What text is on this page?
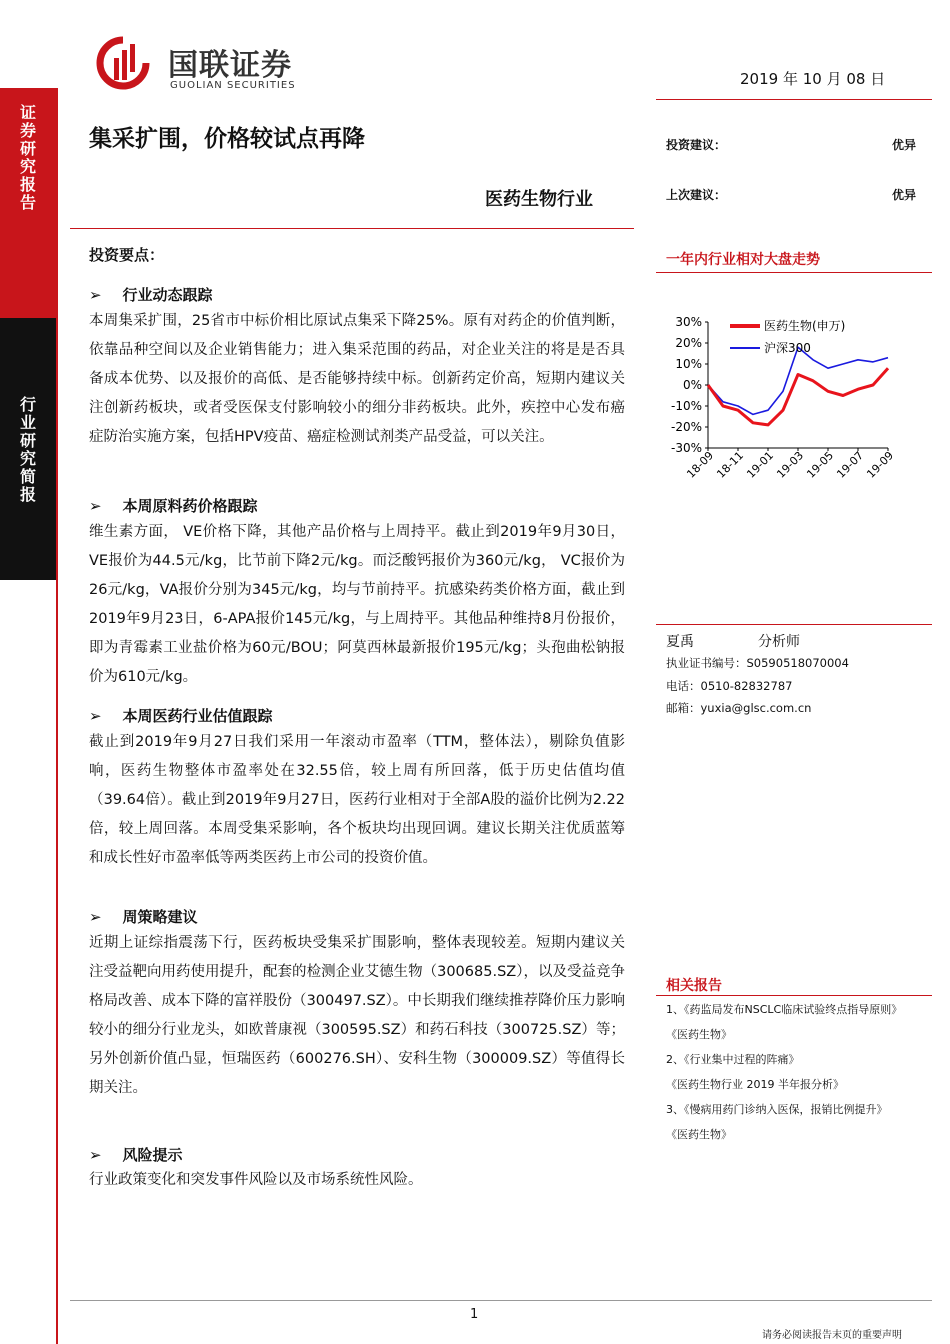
证券研究报告
行业研究简报
国联证券
GUOLIAN SECURITIES	2019 年 10 月 08 日
集采扩围，价格较试点再降
医药生物行业
投资建议：	优异
上次建议：	优异
投资要点：
➢    行业动态跟踪
本周集采扩围，25省市中标价相比原试点集采下降25%。原有对药企的价值判断，依靠品种空间以及企业销售能力；进入集采范围的药品，对企业关注的将是是否具备成本优势、以及报价的高低、是否能够持续中标。创新药定价高，短期内建议关注创新药板块，或者受医保支付影响较小的细分非药板块。此外，疾控中心发布癌症防治实施方案，包括HPV疫苗、癌症检测试剂类产品受益，可以关注。
➢    本周原料药价格跟踪
维生素方面， VE价格下降，其他产品价格与上周持平。截止到2019年9月30日， VE报价为44.5元/kg，比节前下降2元/kg。而泛酸钙报价为360元/kg， VC报价为26元/kg，VA报价分别为345元/kg，均与节前持平。抗感染药类价格方面，截止到2019年9月23日，6-APA报价145元/kg，与上周持平。其他品种维持8月份报价，即为青霉素工业盐价格为60元/BOU；阿莫西林最新报价195元/kg；头孢曲松钠报价为610元/kg。
➢    本周医药行业估值跟踪
截止到2019年9月27日我们采用一年滚动市盈率（TTM，整体法），剔除负值影响，医药生物整体市盈率处在32.55倍，较上周有所回落，低于历史估值均值（39.64倍）。截止到2019年9月27日，医药行业相对于全部A股的溢价比例为2.22倍，较上周回落。本周受集采影响，各个板块均出现回调。建议长期关注优质蓝筹和成长性好市盈率低等两类医药上市公司的投资价值。
➢    周策略建议
近期上证综指震荡下行，医药板块受集采扩围影响，整体表现较差。短期内建议关注受益靶向用药使用提升，配套的检测企业艾德生物（300685.SZ），以及受益竞争格局改善、成本下降的富祥股份（300497.SZ）。中长期我们继续推荐降价压力影响较小的细分行业龙头，如欧普康视（300595.SZ）和药石科技（300725.SZ）等；另外创新价值凸显，恒瑞医药（600276.SH）、安科生物（300009.SZ）等值得长期关注。
➢    风险提示
行业政策变化和突发事件风险以及市场系统性风险。
一年内行业相对大盘走势
30%
20%
10%
0%
-10%
-20%
-30%
18-09
18-11
19-01
19-03
19-05
19-07
19-09
医药生物(申万)
沪深300
夏禹	分析师
执业证书编号：S0590518070004
电话：0510-82832787
邮箱：yuxia@glsc.com.cn
相关报告
1、《药监局发布NSCLC临床试验终点指导原则》
《医药生物》
2、《行业集中过程的阵痛》
《医药生物行业 2019 半年报分析》
3、《慢病用药门诊纳入医保，报销比例提升》
《医药生物》
1
请务必阅读报告末页的重要声明
